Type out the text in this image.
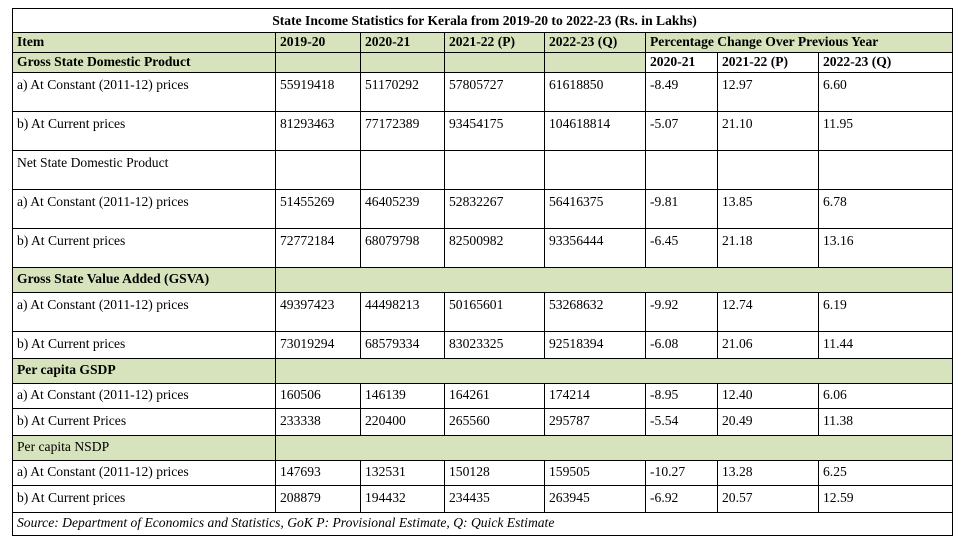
State Income Statistics for Kerala from 2019-20 to 2022-23 (Rs. in Lakhs)							
Item	2019-20	2020-21	2021-22 (P)	2022-23 (Q)	Percentage Change Over Previous Year		
Gross State Domestic Product					2020-21	2021-22 (P)	2022-23 (Q)
a) At Constant (2011-12) prices	55919418	51170292	57805727	61618850	-8.49	12.97	6.60
b) At Current prices	81293463	77172389	93454175	104618814	-5.07	21.10	11.95
Net State Domestic Product							
a) At Constant (2011-12) prices	51455269	46405239	52832267	56416375	-9.81	13.85	6.78
b) At Current prices	72772184	68079798	82500982	93356444	-6.45	21.18	13.16
Gross State Value Added (GSVA)							
a) At Constant (2011-12) prices	49397423	44498213	50165601	53268632	-9.92	12.74	6.19
b) At Current prices	73019294	68579334	83023325	92518394	-6.08	21.06	11.44
Per capita GSDP							
a) At Constant (2011-12) prices	160506	146139	164261	174214	-8.95	12.40	6.06
b) At Current Prices	233338	220400	265560	295787	-5.54	20.49	11.38
Per capita NSDP							
a) At Constant (2011-12) prices	147693	132531	150128	159505	-10.27	13.28	6.25
b) At Current prices	208879	194432	234435	263945	-6.92	20.57	12.59
Source: Department of Economics and Statistics, GoK P: Provisional Estimate, Q: Quick Estimate							
